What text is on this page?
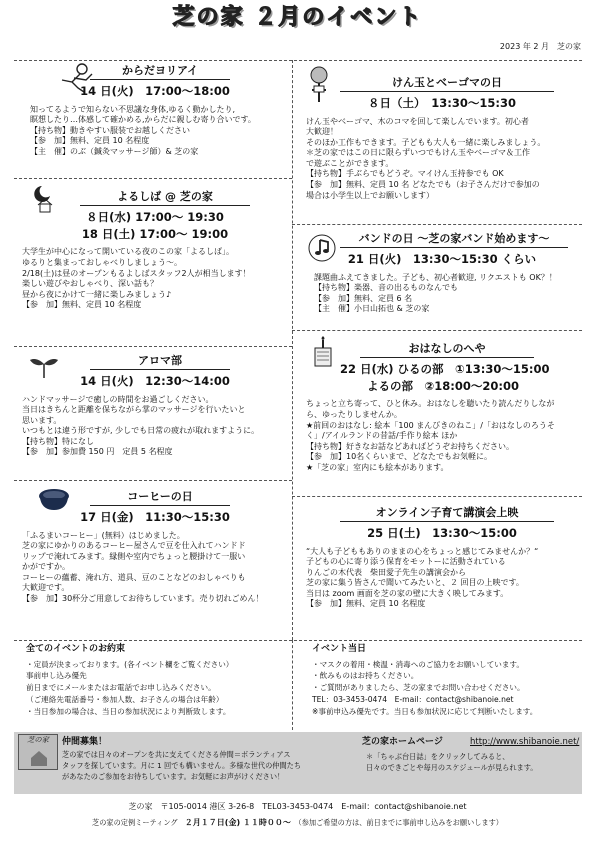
芝の家 ２月のイベント
2023 年 2 月　芝の家
からだヨリアイ
14 日(火)　17:00〜18:00
知ってるようで知らない不思議な身体,ゆるく動かしたり,
瞑想したり…体感して確かめる,からだに親しむ寄り合いです。
【持ち物】動きやすい服装でお越しください
【参　加】無料、定員 10 名程度
【主　催】のぶ（鍼灸マッサージ師）& 芝の家
よるしば @ 芝の家
８日(水) 17:00〜 19:30
18 日(土) 17:00〜 19:00
大学生が中心になって開いている夜のこの家「よるしば」。
ゆるりと集まっておしゃべりしましょう〜。
2/18(土)は昼のオープンもるよしばスタッフ2人が相当します！
楽しい遊びやおしゃべり、深い話も？
昼から夜にかけて一緒に楽しみましょう♪
【参　加】無料、定員 10 名程度
アロマ部
14 日(火)　12:30〜14:00
ハンドマッサージで癒しの時間をお過ごしください。
当日はきちんと距離を保ちながら掌のマッサージを行いたいと
思います。
いつもとは違う形ですが, 少しでも日常の疲れが取れますように。
【持ち物】特になし
【参　加】参加費 150 円　定員 5 名程度
コーヒーの日
17 日(金)　11:30〜15:30
「ふるまいコーヒー」(無料）はじめました。
芝の家にゆかりのあるコーヒー屋さんで豆を仕入れてハンドド
リップで淹れてみます。縁側や室内でちょっと腰掛けて一服い
かがですか。
コーヒーの蘊蓄、淹れ方、道具、豆のことなどのおしゃべりも
大歓迎です。
【参　加】30杯分ご用意してお待ちしています。売り切れごめん！
けん玉とベーゴマの日
８日（土）　13:30〜15:30
けん玉やベーゴマ、木のコマを回して楽しんでいます。初心者
大歓迎！
そのほか工作もできます。子どもも大人も一緒に楽しみましょう。
＊芝の家ではこの日に限らずいつでもけん玉やベーゴマ＆工作
で遊ぶことができます。
【持ち物】手ぶらでもどうぞ。マイけん玉持参でも OK
【参　加】無料、定員 10 名 どなたでも（お子さんだけで参加の
場合は小学生以上でお願いします）
バンドの日 〜芝の家バンド始めます〜
21 日(火)　13:30〜15:30 くらい
課題曲ふえてきました。子ども、初心者歓迎, リクエストも OK？！
【持ち物】楽器、音の出るものなんでも
【参　加】無料、定員 6 名
【主　催】小日山拓也 & 芝の家
おはなしのへや
22 日(水) ひるの部　①13:30〜15:00
　　 よるの部　②18:00〜20:00
ちょっと立ち寄って、ひと休み。おはなしを聴いたり読んだりしなが
ら、ゆったりしませんか。
★前回のおはなし: 絵本「100 まんびきのねこ」/「おはなしのろうそ
く」/アイルランドの昔話/手作り絵本 ほか
【持ち物】好きなお話などあればどうぞお持ちください。
【参　加】10名くらいまで、どなたでもお気軽に。
★「芝の家」室内にも絵本があります。
オンライン子育て講演会上映
25 日(土)　13:30〜15:00
“大人も子どももありのままの心をちょっと感じてみませんか？“
子どもの心に寄り添う保育をモットーに活動されている
りんごの木代表　柴田愛子先生の講演会から
芝の家に集う皆さんで聞いてみたいと、２ 回目の上映です。
当日は zoom 画面を芝の家の壁に大きく映してみます。
【参　加】無料、定員 10 名程度
全てのイベントのお約束
・定員が決まっております。(各イベント欄をご覧ください）
事前申し込み優先
前日までにメールまたはお電話でお申し込みください。
（ご連絡先電話番号・参加人数、お子さんの場合は年齢）
・当日参加の場合は、当日の参加状況により判断致します。
イベント当日
・マスクの着用・検温・消毒へのご協力をお願いしています。
・飲みものはお持ちください。
・ご質問がありましたら、芝の家までお問い合わせください。
TEL：03-3453-0474　E-mail：contact@shibanoie.net
※事前申込み優先です。当日も参加状況に応じて判断いたします。
芝の家	仲間募集！
芝の家では日々のオープンを共に支えてくださる仲間＝ボランティアス
タッフを探しています。月に 1 回でも構いません。多様な世代の仲間たち
があなたのご参加をお待ちしています。お気軽にお声がけください！
芝の家ホームページ	http://www.shibanoie.net/
＊「ちゃぶ台日誌」をクリックしてみると、
日々のできごとや毎月のスケジュールが見られます。
芝の家　〒105-0014 港区 3-26-8　TEL03-3453-0474　E-mail：contact@shibanoie.net
芝の家の定例ミーティング　 ２月１７日(金) １１時００〜　 （参加ご希望の方は、前日までに事前申し込みをお願いします）
